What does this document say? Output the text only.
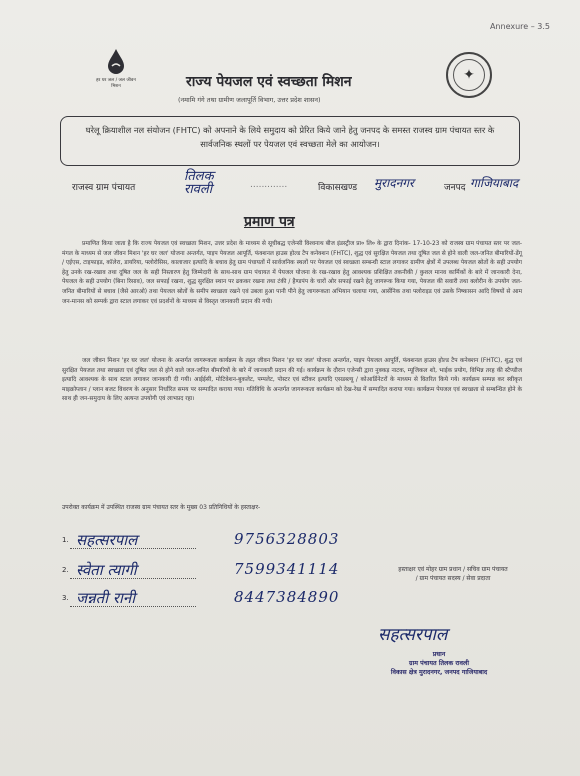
Annexure – 3.5
हर घर जल / जल जीवन मिशन
✦
राज्य पेयजल एवं स्वच्छता मिशन
(नमामि गंगे तथा ग्रामीण जलापूर्ति विभाग, उत्तर प्रदेश शासन)
घरेलू क्रियाशील नल संयोजन (FHTC) को अपनाने के लिये समुदाय को प्रेरित किये जाने हेतु जनपद के समस्त राजस्व ग्राम पंचायत स्तर के सार्वजनिक स्थलों पर पेयजल एवं स्वच्छता मेले का आयोजन।
राजस्व ग्राम पंचायत
तिलक रावली	.............	विकासखण्ड मुरादनगर	जनपद गाजियाबाद
प्रमाण पत्र
प्रमाणित किया जाता है कि राज्य पेयजल एवं स्वच्छता मिशन, उत्तर प्रदेश के माध्यम से सूचीबद्ध एजेन्सी विश्वनाथ बीज इंडस्ट्रीज प्रा० लि० के द्वारा दिनांक- 17-10-23 को राजस्व ग्राम पंचायत स्तर पर जल-मंगल के माध्यम से जल जीवन मिशन 'हर घर जल' योजना अन्तर्गत, पाइप पेयजल आपूर्ति, फंक्शनल हाउस होल्ड टैप कनेक्शन (FHTC), शुद्ध एवं सुरक्षित पेयजल तथा दूषित जल से होने वाली जल-जनित बीमारियों-डेंगू / एईएस, टाइफाइड, कॉलेरा, डायरिया, फ्लोरोसिस, कालाजार इत्यादि के बचाव हेतु ग्राम पंचायतों में सार्वजनिक स्थलों पर पेयजल एवं स्वच्छता सम्बन्धी स्टाल लगाकर ग्रामीण क्षेत्रों में उपलब्ध पेयजल स्रोतों के सही उपयोग हेतु उनके रख-रखाव तथा दूषित जल के सही निस्तारण हेतु जिम्मेदारी के साथ-साथ ग्राम पंचायत में पेयजल योजना के रख-रखाव हेतु आवश्यक प्रशिक्षित तकनीकी / कुशल मानव कार्मिकों के बारे में जानकारी देना, पेयजल के सही उपयोग (बिना रिसाव), जल सफाई रखना, शुद्ध सुरक्षित स्थान पर ढककर रखना तथा टंकी / हैण्डपंप के चारों ओर सफाई रखने हेतु जागरूक किया गया, पेयजल की सवारी तथा क्लोरीन के उपयोग जल-जनित बीमारियों से बचाव (जैसे आरओ) तथा पेयजल स्रोतों के समीप स्वच्छता रखने एवं उबला हुआ पानी पीने हेतु जागरूकता अभियान चलाया गया, आर्सेनिक तथा फ्लोराइड एवं उसके निष्कासन आदि विषयों से आम जन-मानस को सम्पर्क द्वारा स्टाल लगाकर एवं प्रदर्शनों के माध्यम से विस्तृत जानकारी प्रदान की गयी।
जल जीवन मिशन 'हर घर जल' योजना के अन्तर्गत जागरूकता कार्यक्रम के तहत जीवन मिशन 'हर घर जल' योजना अन्तर्गत, पाइप पेयजल आपूर्ति, फंक्शनल हाउस होल्ड टैप कनेक्शन (FHTC), शुद्ध एवं सुरक्षित पेयजल तथा स्वच्छता एवं दूषित जल से होने वाले जल-जनित बीमारियों के बारे में जानकारी प्रदान की गई। कार्यक्रम के दौरान एजेन्सी द्वारा नुक्कड़ नाटक, म्यूजिकल शो, भाईक प्रयोग, विभिन्न तरह की स्टैण्डीज इत्यादि आवश्यक के साथ स्टाल लगाकर जानकारी दी गयी। आईईसी, मोटिवेशन-बुकलेट, पम्पलेट, पोस्टर एवं स्टीकर इत्यादि एसडब्ल्यू / कोआर्डिनेटरों के माध्यम से वितरित किये गये। कार्यक्रम सम्पन्न कर स्वीकृत माइक्रोप्लान / प्लान बजट विवरण के अनुसार निर्धारित समय पर सम्पादित कराया गया। गतिविधि के अन्तर्गत जागरूकता कार्यक्रम को देख-रेख में सम्पादित कराया गया। कार्यक्रम पेयजल एवं स्वच्छता से सम्बन्धित होने के साथ ही जन-समुदाय के लिए अत्यन्त उपयोगी एवं लाभप्रद रहा।
उपरोक्त कार्यक्रम में उपस्थित राजस्व ग्राम पंचायत स्तर के मुख्य 03 प्रतिनिधियों के हस्ताक्षर-
1. सहत्सरपाल	9756328803
2. स्वेता त्यागी	7599341114
3. जन्नती रानी	8447384890
हस्ताक्षर एवं मोहर ग्राम प्रधान / सचिव ग्राम पंचायत / ग्राम पंचायत सदस्य / सेवा प्रदाता
सहत्सरपाल
प्रधान
ग्राम पंचायत तिलक रावली
विकास क्षेत्र मुरादनगर, जनपद गाजियाबाद
